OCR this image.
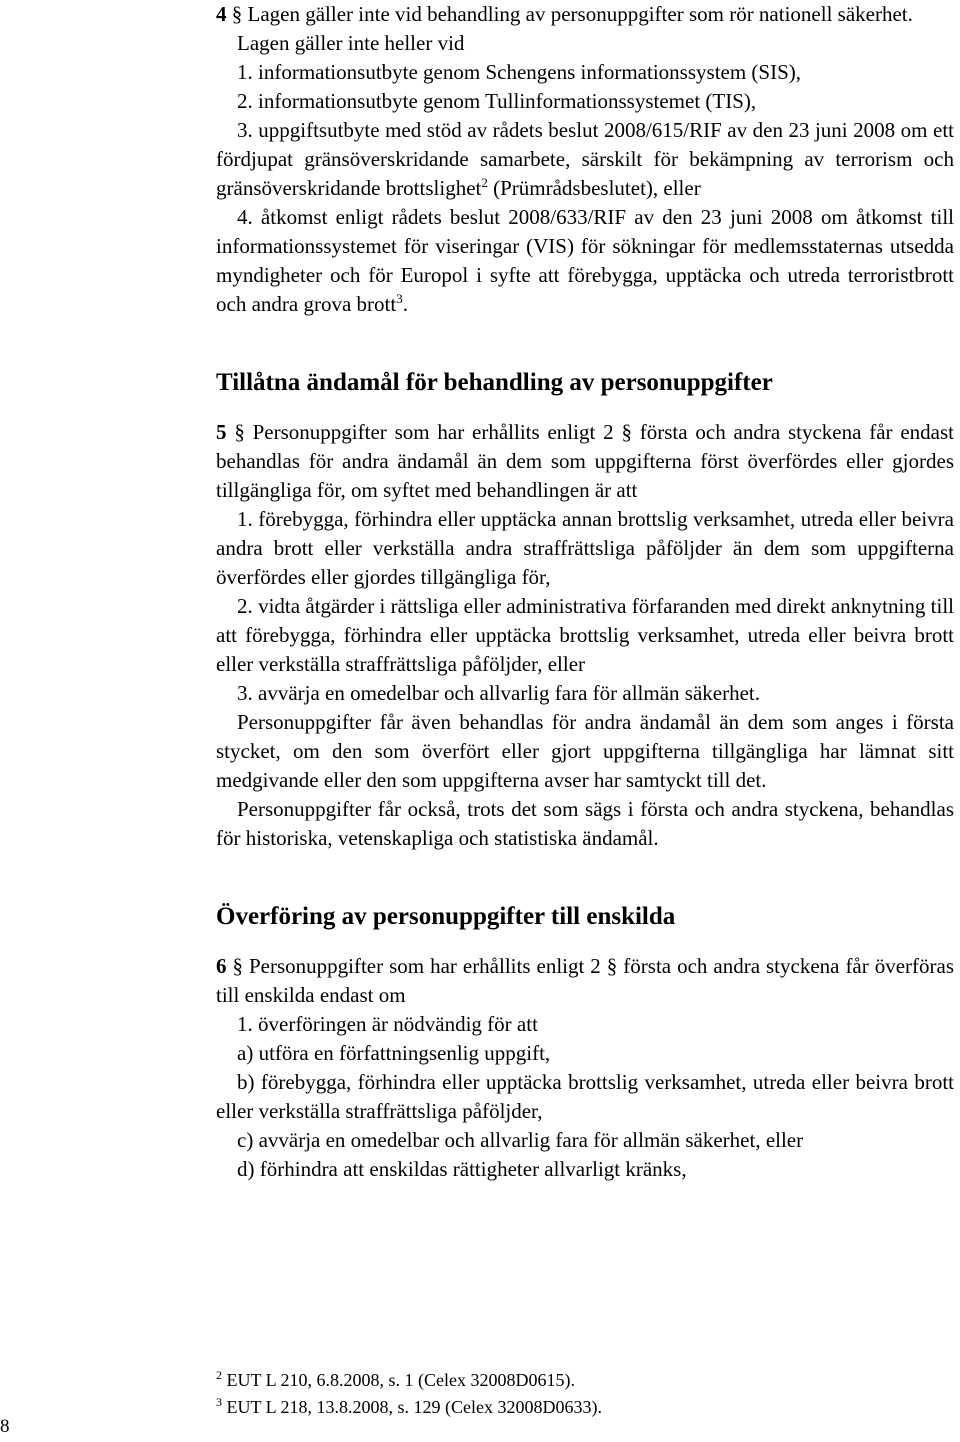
4 § Lagen gäller inte vid behandling av personuppgifter som rör nationell säkerhet.

Lagen gäller inte heller vid

1. informationsutbyte genom Schengens informationssystem (SIS),

2. informationsutbyte genom Tullinformationssystemet (TIS),

3. uppgiftsutbyte med stöd av rådets beslut 2008/615/RIF av den 23 juni 2008 om ett fördjupat gränsöverskridande samarbete, särskilt för bekämpning av terrorism och gränsöverskridande brottslighet$^2$ (Prümrådsbeslutet), eller

4. åtkomst enligt rådets beslut 2008/633/RIF av den 23 juni 2008 om åtkomst till informationssystemet för viseringar (VIS) för sökningar för medlemsstaternas utsedda myndigheter och för Europol i syfte att förebygga, upptäcka och utreda terroristbrott och andra grova brott$^3$.

Tillåtna ändamål för behandling av personuppgifter

5 § Personuppgifter som har erhållits enligt 2 § första och andra styckena får endast behandlas för andra ändamål än dem som uppgifterna först överfördes eller gjordes tillgängliga för, om syftet med behandlingen är att

1. förebygga, förhindra eller upptäcka annan brottslig verksamhet, utreda eller beivra andra brott eller verkställa andra straffrättsliga påföljder än dem som uppgifterna överfördes eller gjordes tillgängliga för,

2. vidta åtgärder i rättsliga eller administrativa förfaranden med direkt anknytning till att förebygga, förhindra eller upptäcka brottslig verksamhet, utreda eller beivra brott eller verkställa straffrättsliga påföljder, eller

3. avvärja en omedelbar och allvarlig fara för allmän säkerhet.

Personuppgifter får även behandlas för andra ändamål än dem som anges i första stycket, om den som överfört eller gjort uppgifterna tillgängliga har lämnat sitt medgivande eller den som uppgifterna avser har samtyckt till det.

Personuppgifter får också, trots det som sägs i första och andra styckena, behandlas för historiska, vetenskapliga och statistiska ändamål.

Överföring av personuppgifter till enskilda

6 § Personuppgifter som har erhållits enligt 2 § första och andra styckena får överföras till enskilda endast om

1. överföringen är nödvändig för att

a) utföra en författningsenlig uppgift,

b) förebygga, förhindra eller upptäcka brottslig verksamhet, utreda eller beivra brott eller verkställa straffrättsliga påföljder,

c) avvärja en omedelbar och allvarlig fara för allmän säkerhet, eller

d) förhindra att enskildas rättigheter allvarligt kränks,

$^2$ EUT L 210, 6.8.2008, s. 1 (Celex 32008D0615).

$^3$ EUT L 218, 13.8.2008, s. 129 (Celex 32008D0633).

8
